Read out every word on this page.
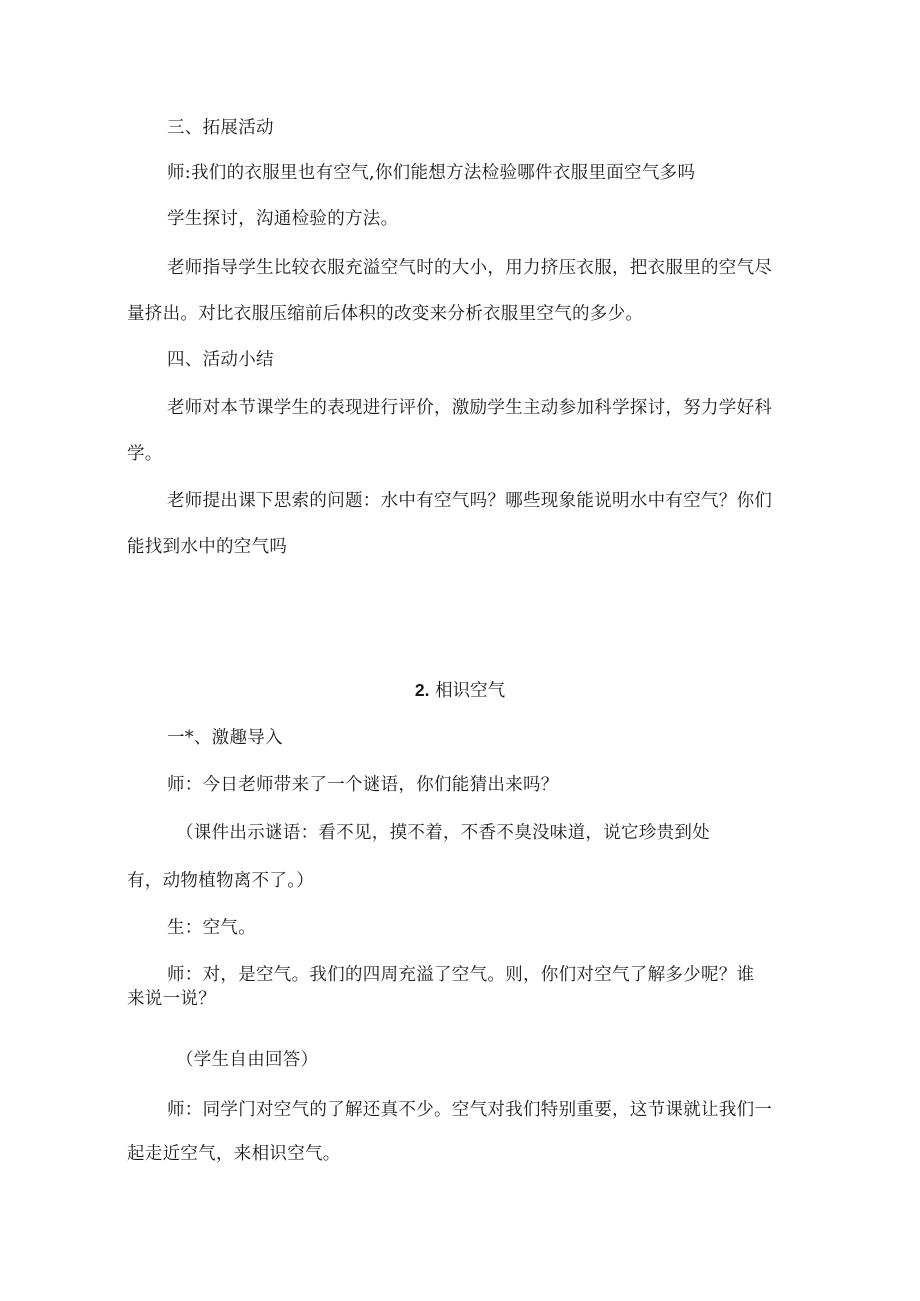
三、拓展活动
师:我们的衣服里也有空气,你们能想方法检验哪件衣服里面空气多吗
学生探讨，沟通检验的方法。
老师指导学生比较衣服充溢空气时的大小，用力挤压衣服，把衣服里的空气尽
量挤出。对比衣服压缩前后体积的改变来分析衣服里空气的多少。
四、活动小结
老师对本节课学生的表现进行评价，激励学生主动参加科学探讨，努力学好科
学。
老师提出课下思索的问题：水中有空气吗？哪些现象能说明水中有空气？你们
能找到水中的空气吗
2. 相识空气
一*、激趣导入
师：今日老师带来了一个谜语，你们能猜出来吗？
（课件出示谜语：看不见，摸不着，不香不臭没味道，说它珍贵到处
有，动物植物离不了。）
生：空气。
师：对，是空气。我们的四周充溢了空气。则，你们对空气了解多少呢？谁
来说一说？
（学生自由回答）
师：同学门对空气的了解还真不少。空气对我们特别重要，这节课就让我们一
起走近空气，来相识空气。
